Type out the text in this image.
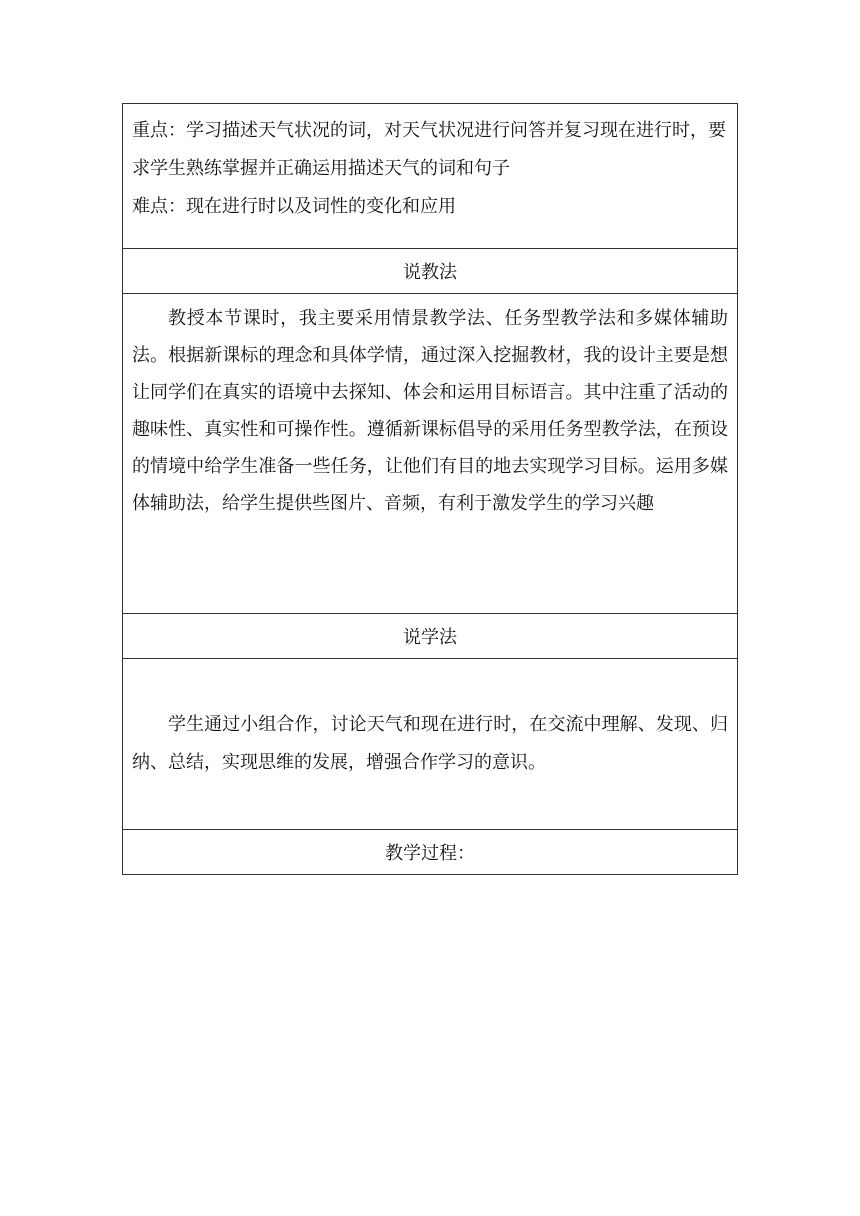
重点：学习描述天气状况的词，对天气状况进行问答并复习现在进行时，要求学生熟练掌握并正确运用描述天气的词和句子

难点：现在进行时以及词性的变化和应用

说教法

教授本节课时，我主要采用情景教学法、任务型教学法和多媒体辅助法。根据新课标的理念和具体学情，通过深入挖掘教材，我的设计主要是想让同学们在真实的语境中去探知、体会和运用目标语言。其中注重了活动的趣味性、真实性和可操作性。遵循新课标倡导的采用任务型教学法，在预设的情境中给学生准备一些任务，让他们有目的地去实现学习目标。运用多媒体辅助法，给学生提供些图片、音频，有利于激发学生的学习兴趣

说学法

学生通过小组合作，讨论天气和现在进行时，在交流中理解、发现、归纳、总结，实现思维的发展，增强合作学习的意识。

教学过程：
